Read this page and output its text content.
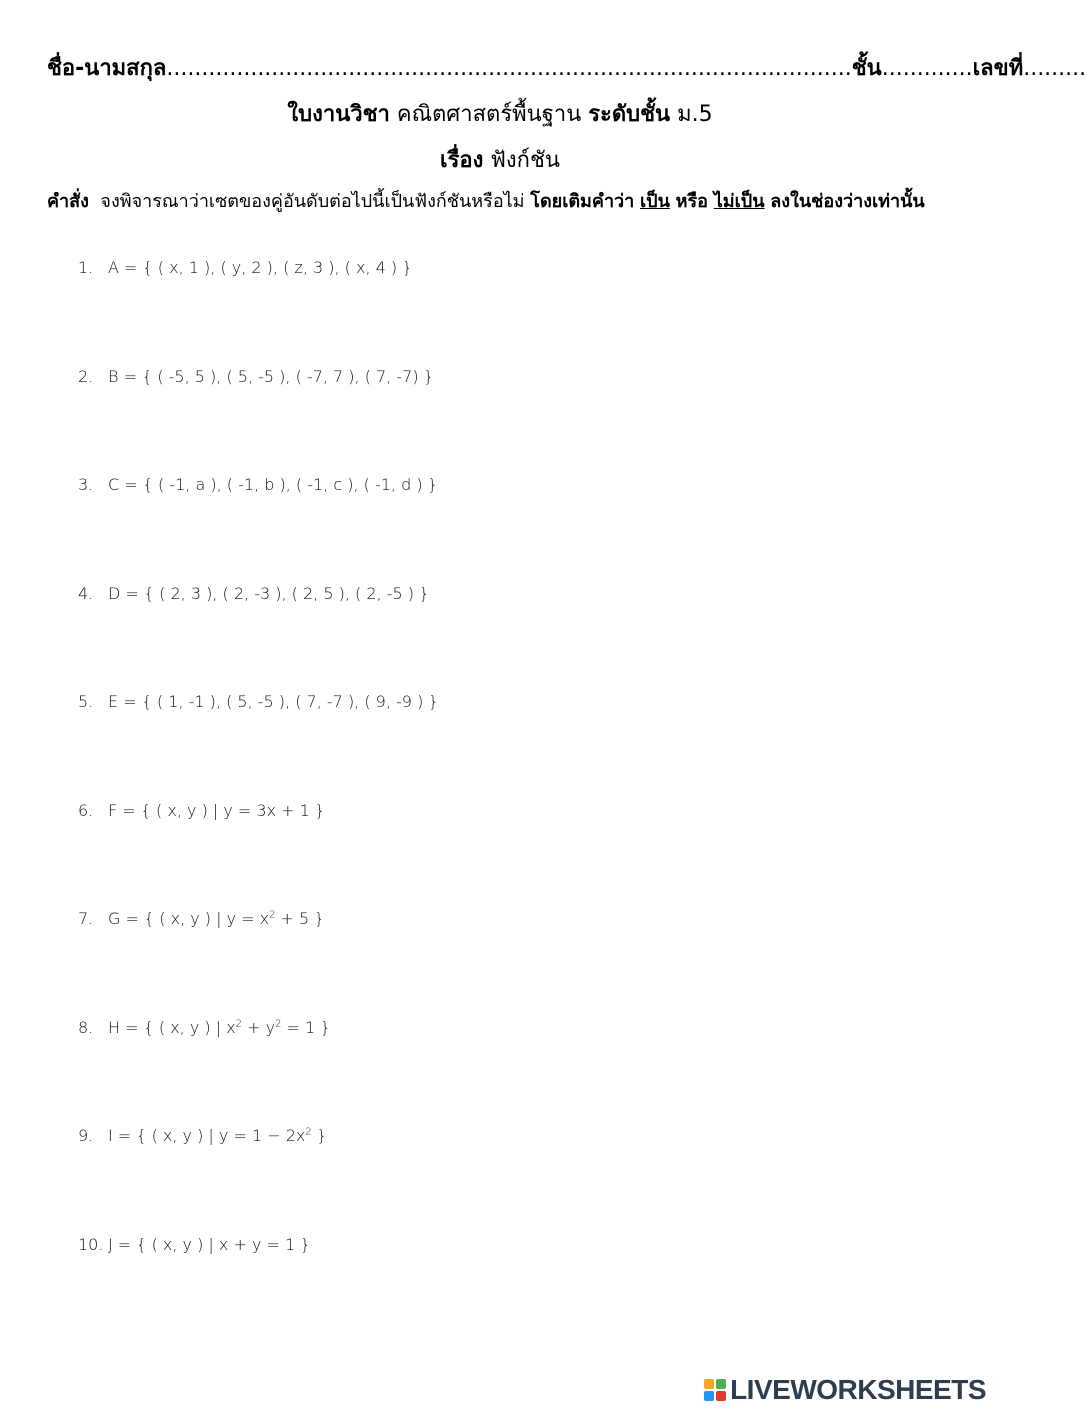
ชื่อ-นามสกุล..................................................................................................ชั้น.............เลขที่.........
ใบงานวิชา คณิตศาสตร์พื้นฐาน ระดับชั้น ม.5
เรื่อง ฟังก์ชัน
คำสั่ง จงพิจารณาว่าเซตของคู่อันดับต่อไปนี้เป็นฟังก์ชันหรือไม่ โดยเติมคำว่า เป็น หรือ ไม่เป็น ลงในช่องว่างเท่านั้น
1. A = { ( x, 1 ), ( y, 2 ), ( z, 3 ), ( x, 4 ) }
2. B = { ( -5, 5 ), ( 5, -5 ), ( -7, 7 ), ( 7, -7) }
3. C = { ( -1, a ), ( -1, b ), ( -1, c ), ( -1, d ) }
4. D = { ( 2, 3 ), ( 2, -3 ), ( 2, 5 ), ( 2, -5 ) }
5. E = { ( 1, -1 ), ( 5, -5 ), ( 7, -7 ), ( 9, -9 ) }
6. F = { ( x, y ) | y = 3x + 1 }
7. G = { ( x, y ) | $y = x^2 + 5$ }
8. H = { ( x, y ) | $x^2 + y^2 = 1$ }
9. I = { ( x, y ) | $y = 1 - 2x^2$ }
10. J = { ( x, y ) | x + y = 1 }
LIVEWORKSHEETS
